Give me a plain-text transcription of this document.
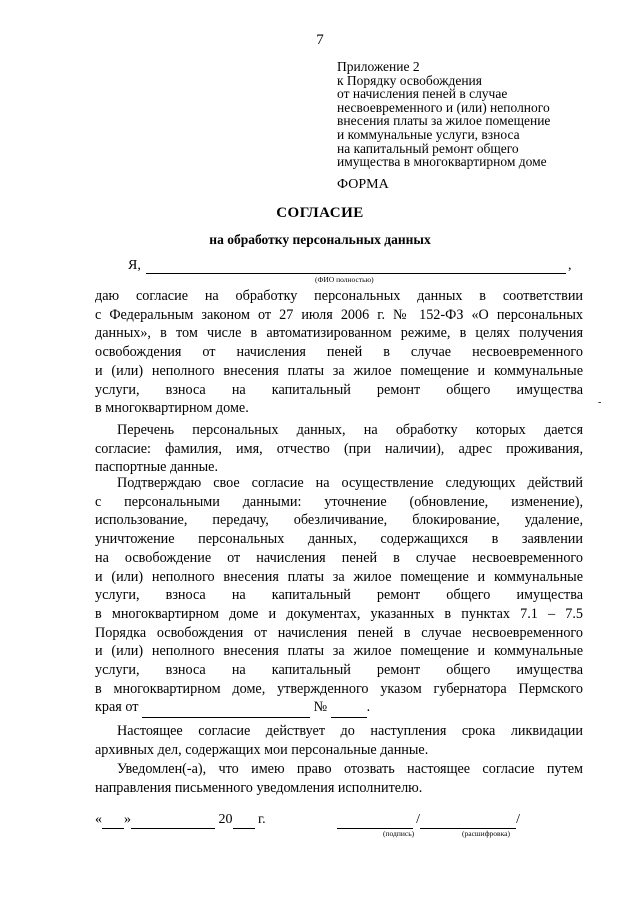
7
Приложение 2
к Порядку освобождения
от начисления пеней в случае
несвоевременного и (или) неполного
внесения платы за жилое помещение
и коммунальные услуги, взноса
на капитальный ремонт общего
имущества в многоквартирном доме
ФОРМА
СОГЛАСИЕ
на обработку персональных данных
Я,	,
(ФИО полностью)
даю согласие на обработку персональных данных в соответствии
с Федеральным законом от 27 июля 2006 г. № 152-ФЗ «О персональных
данных», в том числе в автоматизированном режиме, в целях получения
освобождения от начисления пеней в случае несвоевременного
и (или) неполного внесения платы за жилое помещение и коммунальные
услуги, взноса на капитальный ремонт общего имущества
в многоквартирном доме.
Перечень персональных данных, на обработку которых дается
согласие: фамилия, имя, отчество (при наличии), адрес проживания,
паспортные данные.
Подтверждаю свое согласие на осуществление следующих действий
с персональными данными: уточнение (обновление, изменение),
использование, передачу, обезличивание, блокирование, удаление,
уничтожение персональных данных, содержащихся в заявлении
на освобождение от начисления пеней в случае несвоевременного
и (или) неполного внесения платы за жилое помещение и коммунальные
услуги, взноса на капитальный ремонт общего имущества
в многоквартирном доме и документах, указанных в пунктах 7.1 – 7.5
Порядка освобождения от начисления пеней в случае несвоевременного
и (или) неполного внесения платы за жилое помещение и коммунальные
услуги, взноса на капитальный ремонт общего имущества
в многоквартирном доме, утвержденного указом губернатора Пермского
края от	№	.
Настоящее согласие действует до наступления срока ликвидации
архивных дел, содержащих мои персональные данные.
Уведомлен(-а), что имею право отозвать настоящее согласие путем
направления письменного уведомления исполнителю.
« »	20 г.	/	/
(подпись)	(расшифровка)
-
